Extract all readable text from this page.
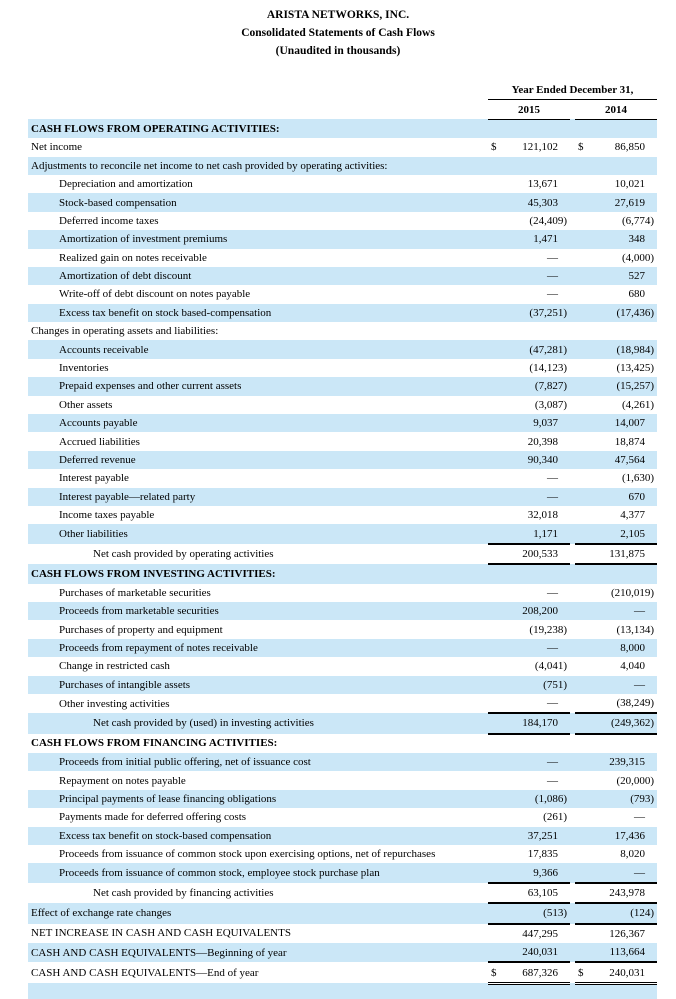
ARISTA NETWORKS, INC.
Consolidated Statements of Cash Flows
(Unaudited in thousands)
	Year Ended December 31,				
	2015			2014	
CASH FLOWS FROM OPERATING ACTIVITIES:					
Net income	$	121,102		$	86,850
Adjustments to reconcile net income to net cash provided by operating activities:					
Depreciation and amortization		13,671			10,021
Stock-based compensation		45,303			27,619
Deferred income taxes		(24,409)			(6,774)
Amortization of investment premiums		1,471			348
Realized gain on notes receivable		—			(4,000)
Amortization of debt discount		—			527
Write-off of debt discount on notes payable		—			680
Excess tax benefit on stock based-compensation		(37,251)			(17,436)
Changes in operating assets and liabilities:					
Accounts receivable		(47,281)			(18,984)
Inventories		(14,123)			(13,425)
Prepaid expenses and other current assets		(7,827)			(15,257)
Other assets		(3,087)			(4,261)
Accounts payable		9,037			14,007
Accrued liabilities		20,398			18,874
Deferred revenue		90,340			47,564
Interest payable		—			(1,630)
Interest payable—related party		—			670
Income taxes payable		32,018			4,377
Other liabilities		1,171			2,105
Net cash provided by operating activities		200,533			131,875
CASH FLOWS FROM INVESTING ACTIVITIES:					
Purchases of marketable securities		—			(210,019)
Proceeds from marketable securities		208,200			—
Purchases of property and equipment		(19,238)			(13,134)
Proceeds from repayment of notes receivable		—			8,000
Change in restricted cash		(4,041)			4,040
Purchases of intangible assets		(751)			—
Other investing activities		—			(38,249)
Net cash provided by (used) in investing activities		184,170			(249,362)
CASH FLOWS FROM FINANCING ACTIVITIES:					
Proceeds from initial public offering, net of issuance cost		—			239,315
Repayment on notes payable		—			(20,000)
Principal payments of lease financing obligations		(1,086)			(793)
Payments made for deferred offering costs		(261)			—
Excess tax benefit on stock-based compensation		37,251			17,436
Proceeds from issuance of common stock upon exercising options, net of repurchases		17,835			8,020
Proceeds from issuance of common stock, employee stock purchase plan		9,366			—
Net cash provided by financing activities		63,105			243,978
Effect of exchange rate changes		(513)			(124)
NET INCREASE IN CASH AND CASH EQUIVALENTS		447,295			126,367
CASH AND CASH EQUIVALENTS—Beginning of year		240,031			113,664
CASH AND CASH EQUIVALENTS—End of year	$	687,326		$	240,031
